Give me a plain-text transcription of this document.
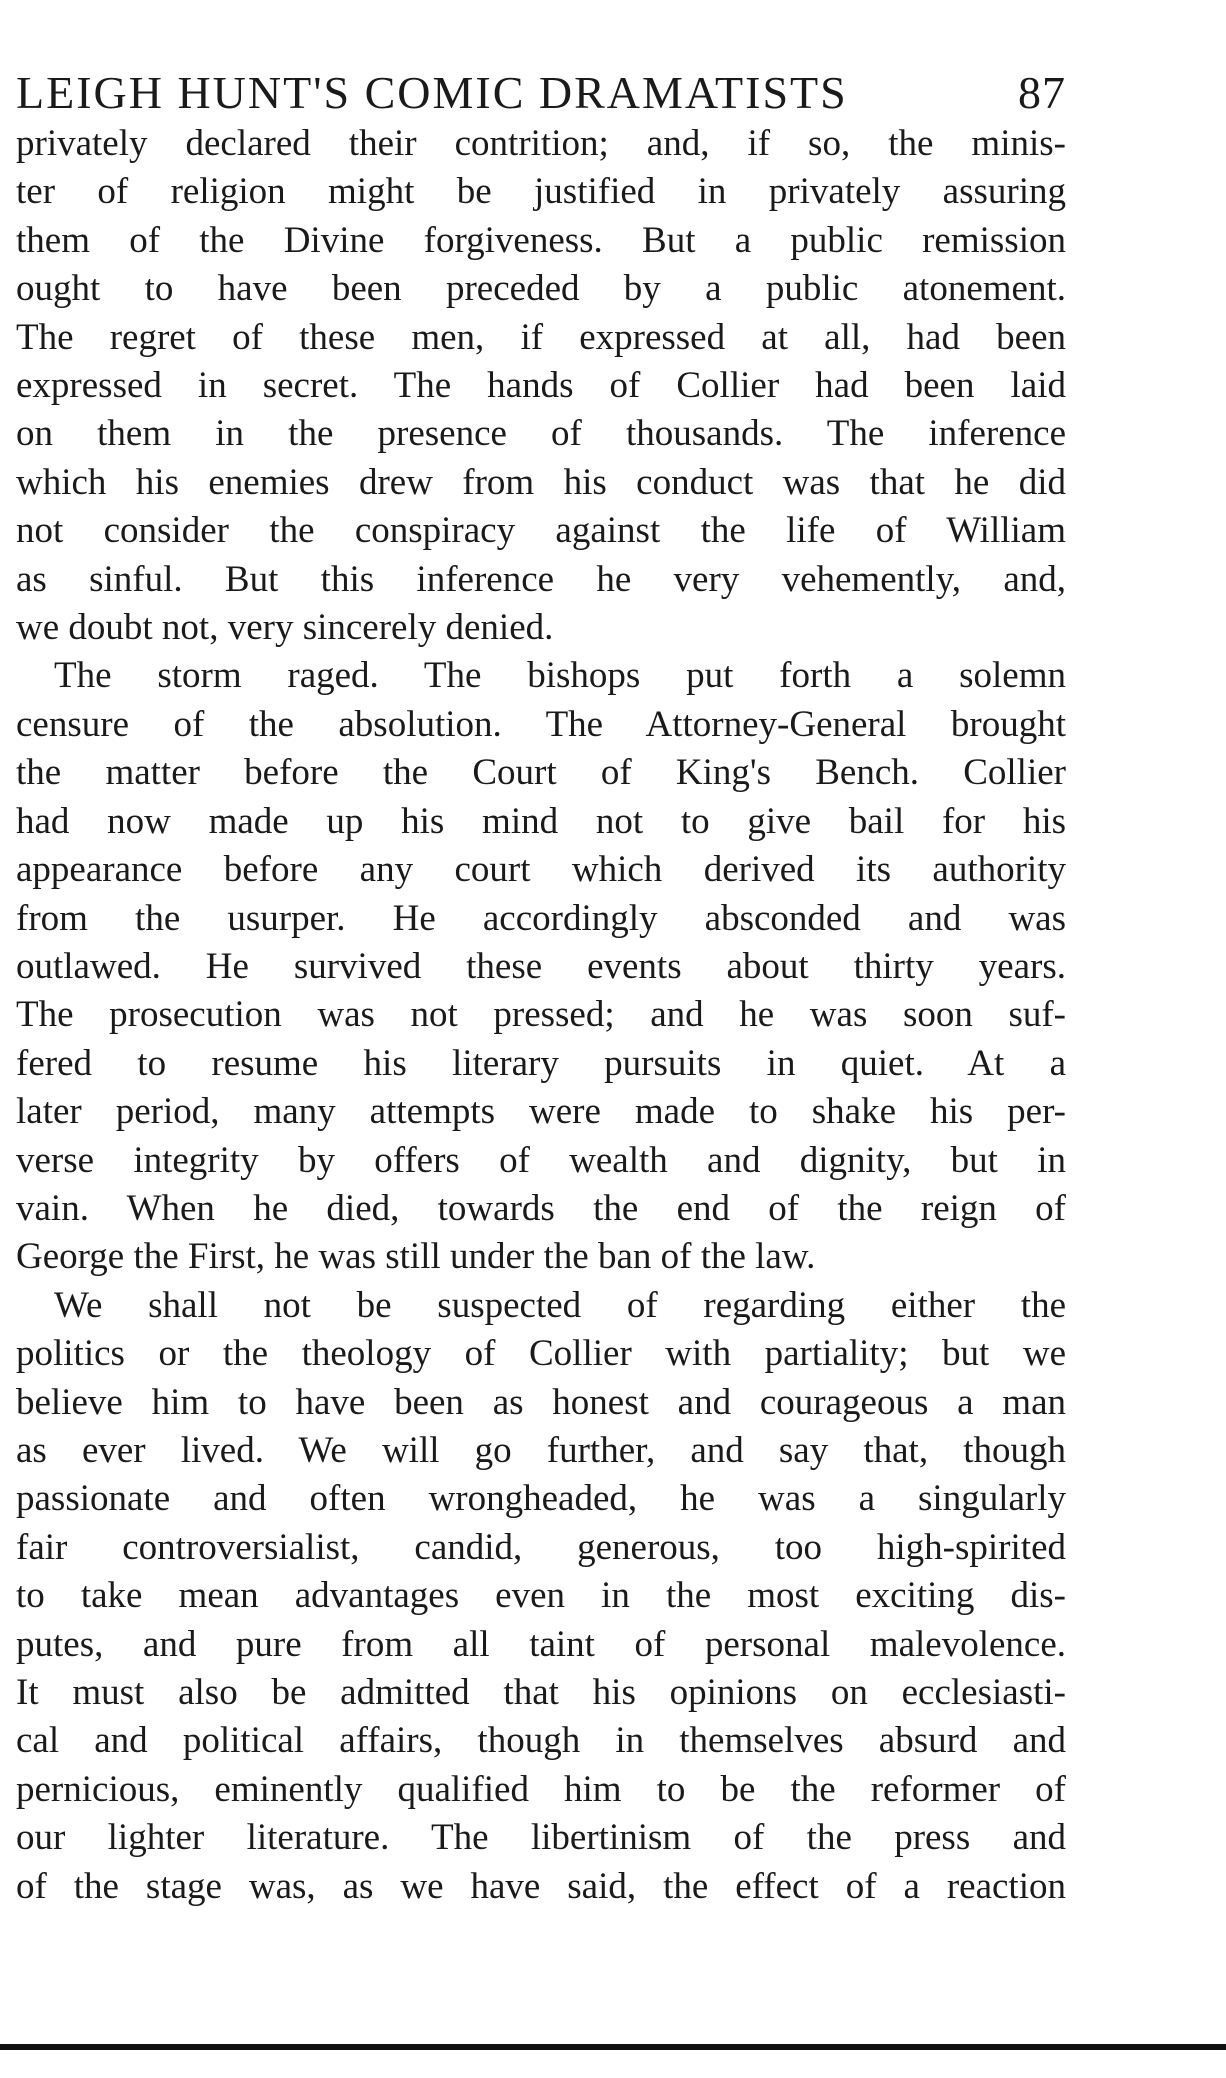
LEIGH HUNT'S COMIC DRAMATISTS	87

privately declared their contrition; and, if so, the minis-
ter of religion might be justified in privately assuring
them of the Divine forgiveness. But a public remission
ought to have been preceded by a public atonement.
The regret of these men, if expressed at all, had been
expressed in secret. The hands of Collier had been laid
on them in the presence of thousands. The inference
which his enemies drew from his conduct was that he did
not consider the conspiracy against the life of William
as sinful. But this inference he very vehemently, and,
we doubt not, very sincerely denied.

The storm raged. The bishops put forth a solemn
censure of the absolution. The Attorney-General brought
the matter before the Court of King's Bench. Collier
had now made up his mind not to give bail for his
appearance before any court which derived its authority
from the usurper. He accordingly absconded and was
outlawed. He survived these events about thirty years.
The prosecution was not pressed; and he was soon suf-
fered to resume his literary pursuits in quiet. At a
later period, many attempts were made to shake his per-
verse integrity by offers of wealth and dignity, but in
vain. When he died, towards the end of the reign of
George the First, he was still under the ban of the law.

We shall not be suspected of regarding either the
politics or the theology of Collier with partiality; but we
believe him to have been as honest and courageous a man
as ever lived. We will go further, and say that, though
passionate and often wrongheaded, he was a singularly
fair controversialist, candid, generous, too high-spirited
to take mean advantages even in the most exciting dis-
putes, and pure from all taint of personal malevolence.
It must also be admitted that his opinions on ecclesiasti-
cal and political affairs, though in themselves absurd and
pernicious, eminently qualified him to be the reformer of
our lighter literature. The libertinism of the press and
of the stage was, as we have said, the effect of a reaction
